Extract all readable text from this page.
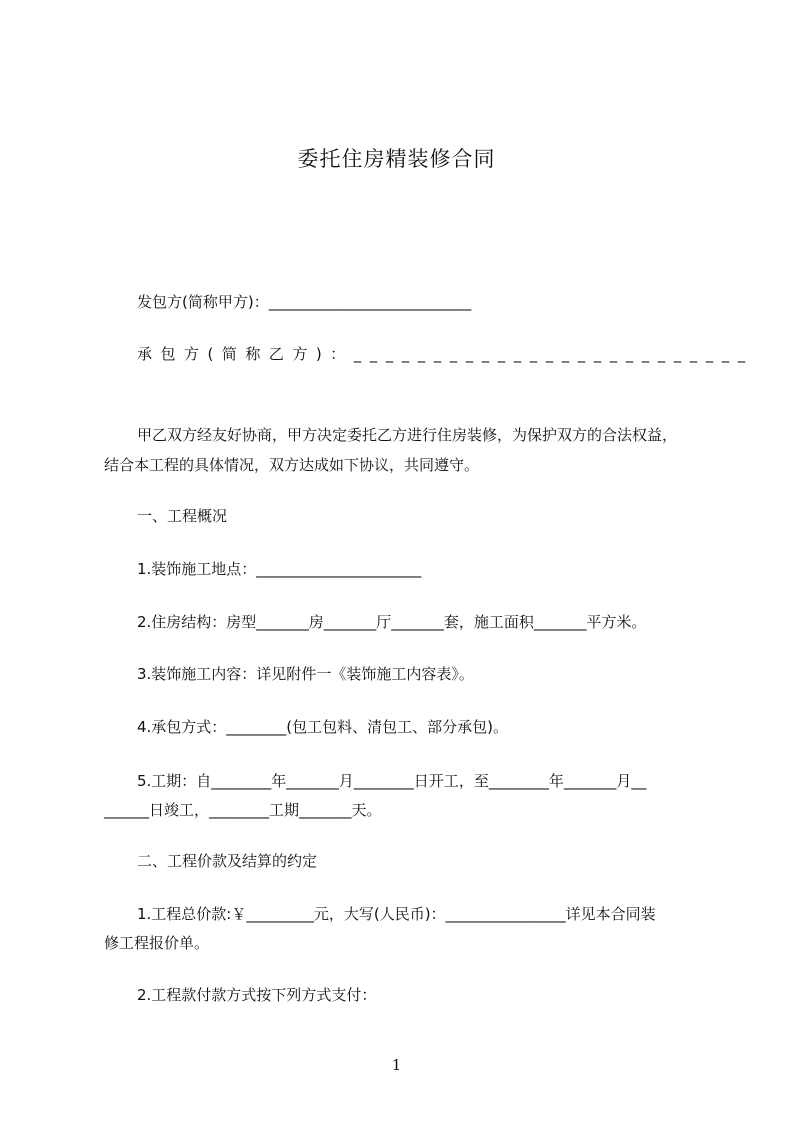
委托住房精装修合同
发包方(简称甲方)：___________________________
承包方(简称乙方)：_________________________
甲乙双方经友好协商，甲方决定委托乙方进行住房装修，为保护双方的合法权益，
结合本工程的具体情况，双方达成如下协议，共同遵守。
一、工程概况
1.装饰施工地点：______________________
2.住房结构：房型_______房_______厅_______套，施工面积_______平方米。
3.装饰施工内容：详见附件一《装饰施工内容表》。
4.承包方式：________(包工包料、清包工、部分承包)。
5.工期：自________年_______月________日开工，至________年_______月__
______日竣工，________工期_______天。
二、工程价款及结算的约定
1.工程总价款:￥_________元，大写(人民币)：________________详见本合同装
修工程报价单。
2.工程款付款方式按下列方式支付：
1
